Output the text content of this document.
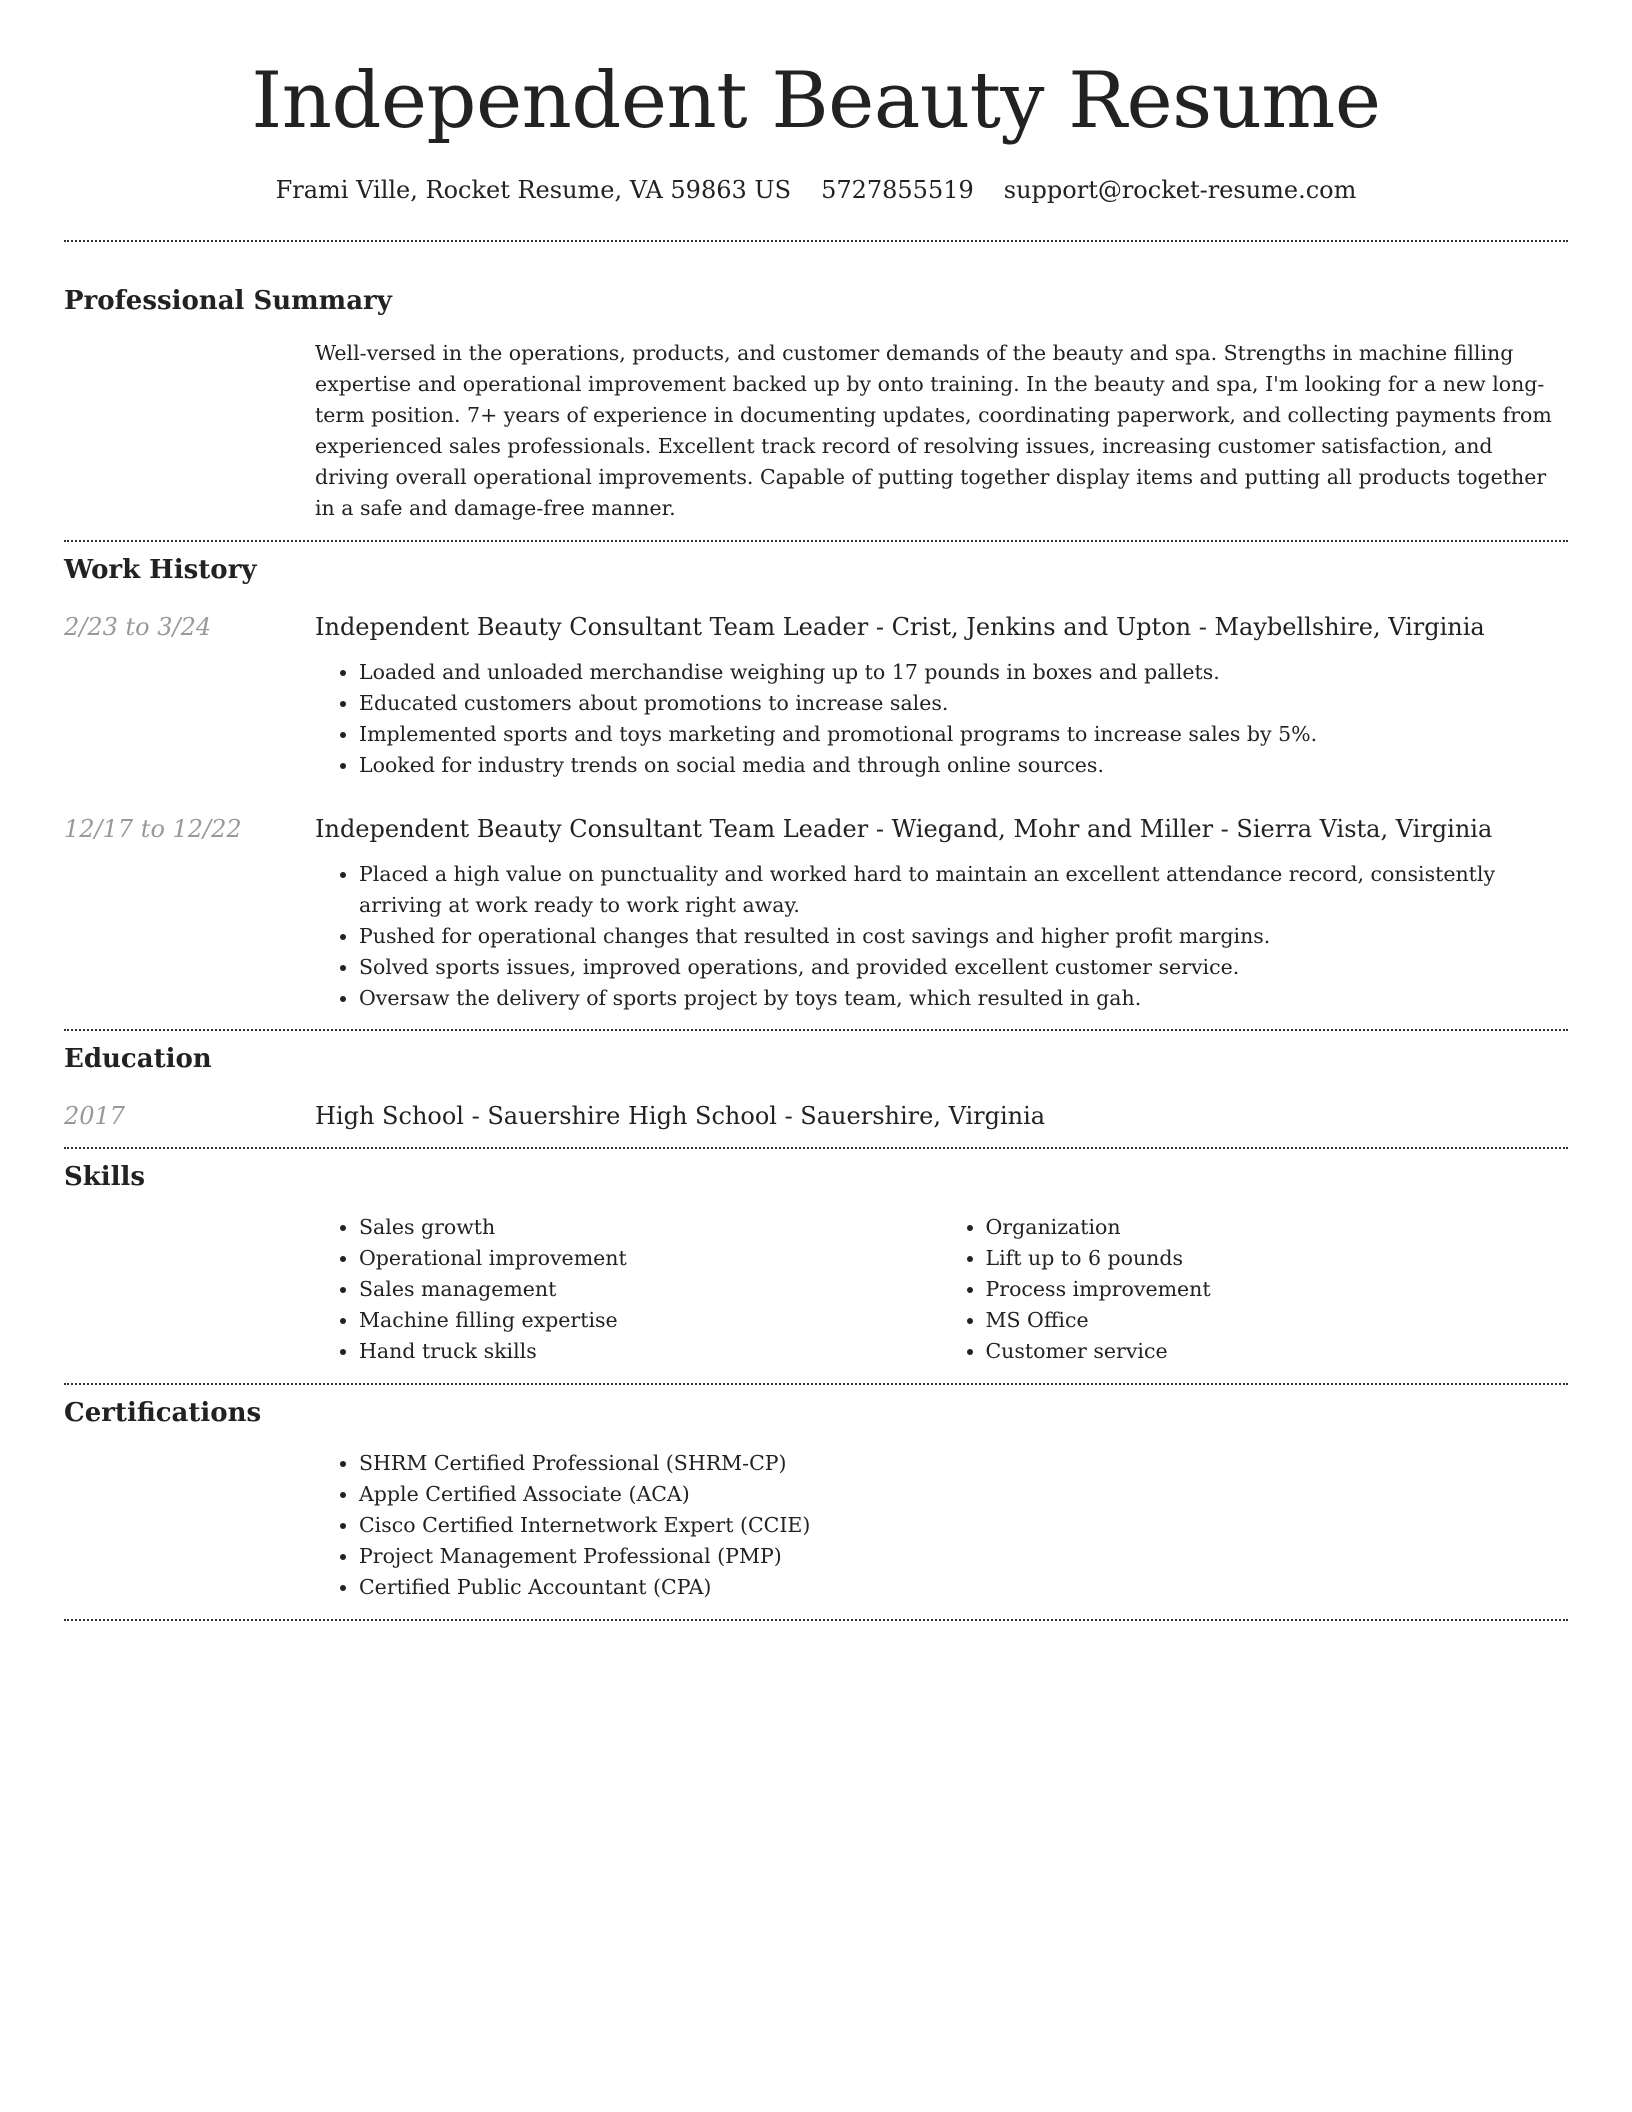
Independent Beauty Resume
Frami Ville, Rocket Resume, VA 59863 US 5727855519 support@rocket-resume.com
Professional Summary

Well-versed in the operations, products, and customer demands of the beauty and spa. Strengths in machine filling expertise and operational improvement backed up by onto training. In the beauty and spa, I'm looking for a new long-term position. 7+ years of experience in documenting updates, coordinating paperwork, and collecting payments from experienced sales professionals. Excellent track record of resolving issues, increasing customer satisfaction, and driving overall operational improvements. Capable of putting together display items and putting all products together in a safe and damage-free manner.

Work History
2/23 to 3/24	Independent Beauty Consultant Team Leader - Crist, Jenkins and Upton - Maybellshire, Virginia
• Loaded and unloaded merchandise weighing up to 17 pounds in boxes and pallets.
• Educated customers about promotions to increase sales.
• Implemented sports and toys marketing and promotional programs to increase sales by 5%.
• Looked for industry trends on social media and through online sources.
12/17 to 12/22	Independent Beauty Consultant Team Leader - Wiegand, Mohr and Miller - Sierra Vista, Virginia
• Placed a high value on punctuality and worked hard to maintain an excellent attendance record, consistently arriving at work ready to work right away.
• Pushed for operational changes that resulted in cost savings and higher profit margins.
• Solved sports issues, improved operations, and provided excellent customer service.
• Oversaw the delivery of sports project by toys team, which resulted in gah.
Education
2017	High School - Sauershire High School - Sauershire, Virginia
Skills
• Sales growth
• Operational improvement
• Sales management
• Machine filling expertise
• Hand truck skills
• Organization
• Lift up to 6 pounds
• Process improvement
• MS Office
• Customer service
Certifications
• SHRM Certified Professional (SHRM-CP)
• Apple Certified Associate (ACA)
• Cisco Certified Internetwork Expert (CCIE)
• Project Management Professional (PMP)
• Certified Public Accountant (CPA)
